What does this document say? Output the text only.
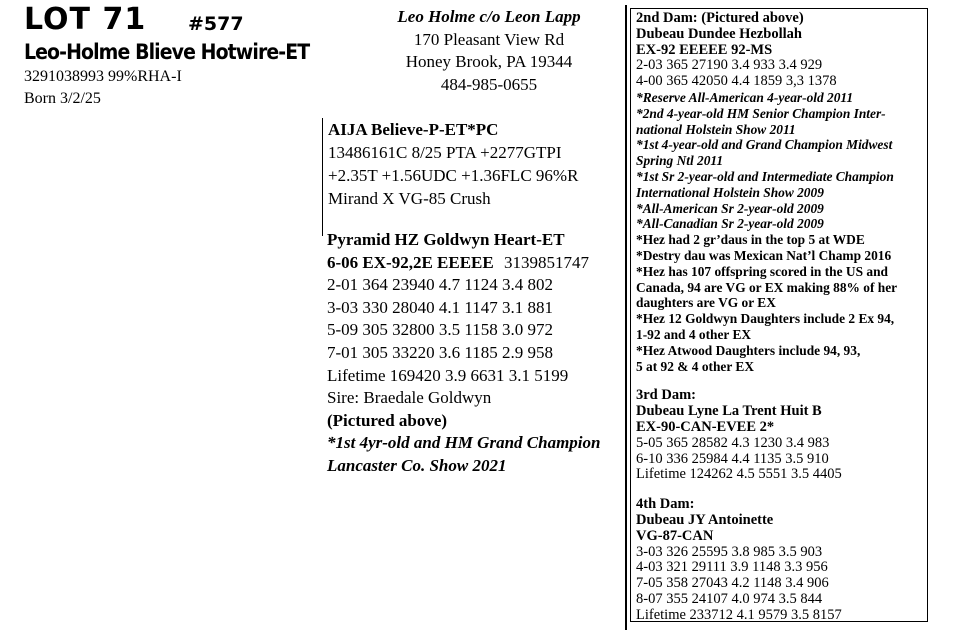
LOT 71 #577
Leo-Holme Blieve Hotwire-ET
3291038993 99%RHA-I
Born 3/2/25
Leo Holme c/o Leon Lapp
170 Pleasant View Rd
Honey Brook, PA 19344
484-985-0655
AIJA Believe-P-ET*PC
13486161C 8/25 PTA +2277GTPI
+2.35T +1.56UDC +1.36FLC 96%R
Mirand X VG-85 Crush
Pyramid HZ Goldwyn Heart-ET
6-06 EX-92,2E EEEEE 3139851747
2-01 364 23940 4.7 1124 3.4 802
3-03 330 28040 4.1 1147 3.1 881
5-09 305 32800 3.5 1158 3.0 972
7-01 305 33220 3.6 1185 2.9 958
Lifetime 169420 3.9 6631 3.1 5199
Sire: Braedale Goldwyn
(Pictured above)
*1st 4yr-old and HM Grand Champion
Lancaster Co. Show 2021
2nd Dam: (Pictured above)
Dubeau Dundee Hezbollah
EX-92 EEEEE 92-MS
2-03 365 27190 3.4 933 3.4 929
4-00 365 42050 4.4 1859 3,3 1378
*Reserve All-American 4-year-old 2011
*2nd 4-year-old HM Senior Champion Inter-
national Holstein Show 2011
*1st 4-year-old and Grand Champion Midwest
Spring Ntl 2011
*1st Sr 2-year-old and Intermediate Champion
International Holstein Show 2009
*All-American Sr 2-year-old 2009
*All-Canadian Sr 2-year-old 2009
*Hez had 2 gr’daus in the top 5 at WDE
*Destry dau was Mexican Nat’l Champ 2016
*Hez has 107 offspring scored in the US and
Canada, 94 are VG or EX making 88% of her
daughters are VG or EX
*Hez 12 Goldwyn Daughters include 2 Ex 94,
1-92 and 4 other EX
*Hez Atwood Daughters include 94, 93,
5 at 92 & 4 other EX
3rd Dam:
Dubeau Lyne La Trent Huit B
EX-90-CAN-EVEE 2*
5-05 365 28582 4.3 1230 3.4 983
6-10 336 25984 4.4 1135 3.5 910
Lifetime 124262 4.5 5551 3.5 4405
4th Dam:
Dubeau JY Antoinette
VG-87-CAN
3-03 326 25595 3.8 985 3.5 903
4-03 321 29111 3.9 1148 3.3 956
7-05 358 27043 4.2 1148 3.4 906
8-07 355 24107 4.0 974 3.5 844
Lifetime 233712 4.1 9579 3.5 8157
